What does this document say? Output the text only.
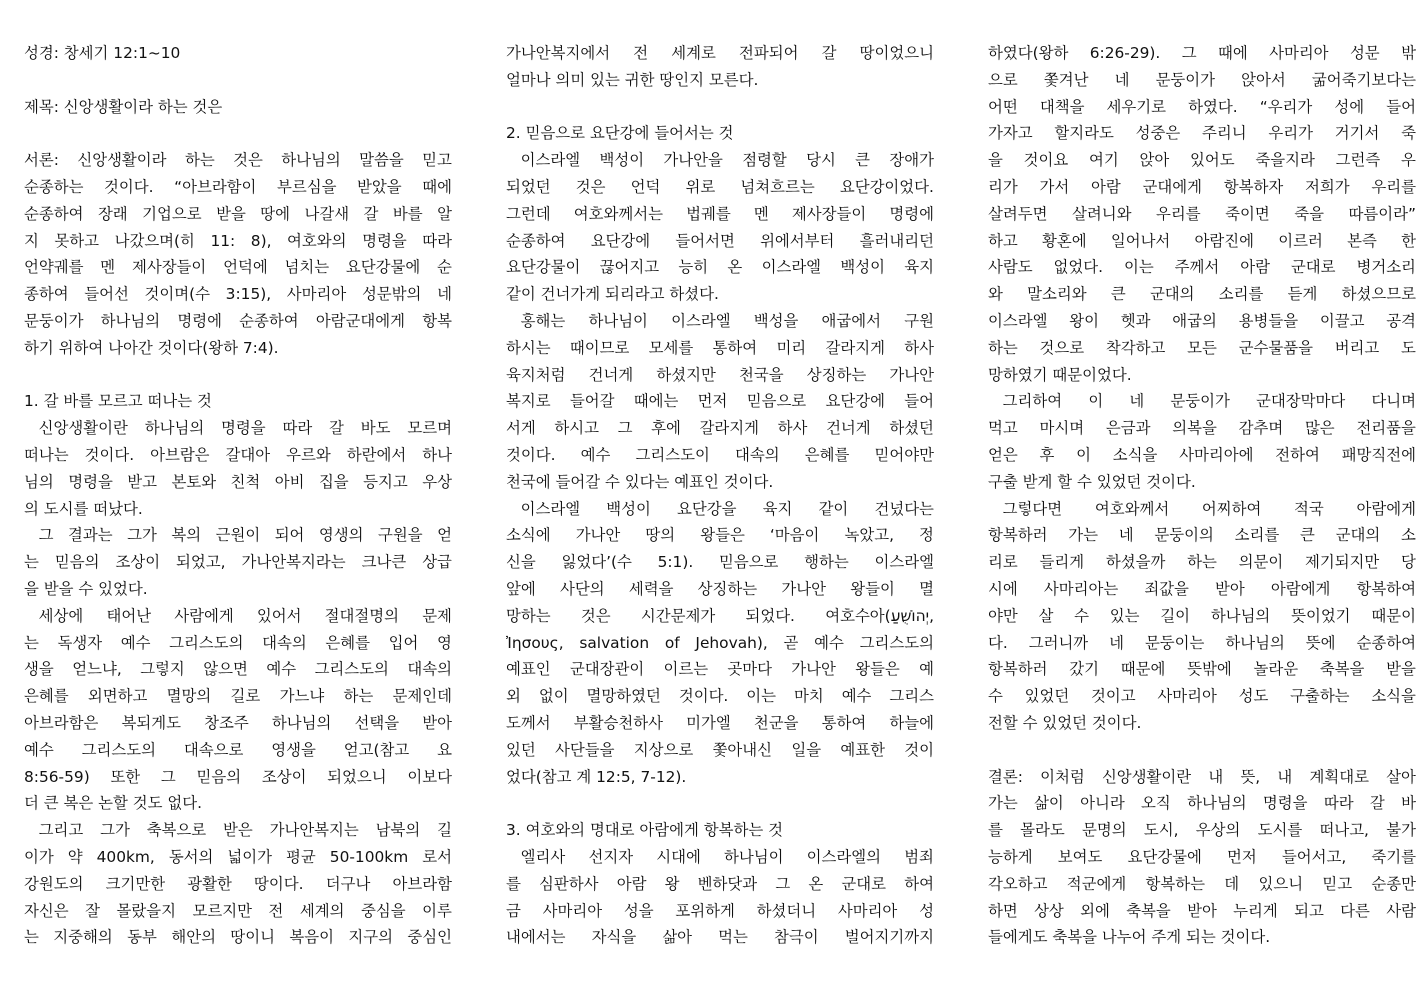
성경: 창세기 12:1~10
제목: 신앙생활이라 하는 것은
서론: 신앙생활이라 하는 것은 하나님의 말씀을 믿고
순종하는 것이다. “아브라함이 부르심을 받았을 때에
순종하여 장래 기업으로 받을 땅에 나갈새 갈 바를 알
지 못하고 나갔으며(히 11: 8), 여호와의 명령을 따라
언약궤를 멘 제사장들이 언덕에 넘치는 요단강물에 순
종하여 들어선 것이며(수 3:15), 사마리아 성문밖의 네
문둥이가 하나님의 명령에 순종하여 아람군대에게 항복
하기 위하여 나아간 것이다(왕하 7:4).
1. 갈 바를 모르고 떠나는 것
신앙생활이란 하나님의 명령을 따라 갈 바도 모르며
떠나는 것이다. 아브람은 갈대아 우르와 하란에서 하나
님의 명령을 받고 본토와 친척 아비 집을 등지고 우상
의 도시를 떠났다.
그 결과는 그가 복의 근원이 되어 영생의 구원을 얻
는 믿음의 조상이 되었고, 가나안복지라는 크나큰 상급
을 받을 수 있었다.
세상에 태어난 사람에게 있어서 절대절명의 문제
는 독생자 예수 그리스도의 대속의 은혜를 입어 영
생을 얻느냐, 그렇지 않으면 예수 그리스도의 대속의
은혜를 외면하고 멸망의 길로 가느냐 하는 문제인데
아브라함은 복되게도 창조주 하나님의 선택을 받아
예수 그리스도의 대속으로 영생을 얻고(참고 요
8:56-59) 또한 그 믿음의 조상이 되었으니 이보다
더 큰 복은 논할 것도 없다.
그리고 그가 축복으로 받은 가나안복지는 남북의 길
이가 약 400km, 동서의 넓이가 평균 50-100km 로서
강원도의 크기만한 광활한 땅이다. 더구나 아브라함
자신은 잘 몰랐을지 모르지만 전 세계의 중심을 이루
는 지중해의 동부 해안의 땅이니 복음이 지구의 중심인
가나안복지에서 전 세계로 전파되어 갈 땅이었으니
얼마나 의미 있는 귀한 땅인지 모른다.
2. 믿음으로 요단강에 들어서는 것
이스라엘 백성이 가나안을 점령할 당시 큰 장애가
되었던 것은 언덕 위로 넘쳐흐르는 요단강이었다.
그런데 여호와께서는 법궤를 멘 제사장들이 명령에
순종하여 요단강에 들어서면 위에서부터 흘러내리던
요단강물이 끊어지고 능히 온 이스라엘 백성이 육지
같이 건너가게 되리라고 하셨다.
홍해는 하나님이 이스라엘 백성을 애굽에서 구원
하시는 때이므로 모세를 통하여 미리 갈라지게 하사
육지처럼 건너게 하셨지만 천국을 상징하는 가나안
복지로 들어갈 때에는 먼저 믿음으로 요단강에 들어
서게 하시고 그 후에 갈라지게 하사 건너게 하셨던
것이다. 예수 그리스도이 대속의 은혜를 믿어야만
천국에 들어갈 수 있다는 예표인 것이다.
이스라엘 백성이 요단강을 육지 같이 건넜다는
소식에 가나안 땅의 왕들은 ‘마음이 녹았고, 정
신을 잃었다’(수 5:1). 믿음으로 행하는 이스라엘
앞에 사단의 세력을 상징하는 가나안 왕들이 멸
망하는 것은 시간문제가 되었다. 여호수아(יְהוֹשֻׁעַ,
Ἰησους, salvation of Jehovah), 곧 예수 그리스도의
예표인 군대장관이 이르는 곳마다 가나안 왕들은 예
외 없이 멸망하였던 것이다. 이는 마치 예수 그리스
도께서 부활승천하사 미가엘 천군을 통하여 하늘에
있던 사단들을 지상으로 쫓아내신 일을 예표한 것이
었다(참고 계 12:5, 7-12).
3. 여호와의 명대로 아람에게 항복하는 것
엘리사 선지자 시대에 하나님이 이스라엘의 범죄
를 심판하사 아람 왕 벤하닷과 그 온 군대로 하여
금 사마리아 성을 포위하게 하셨더니 사마리아 성
내에서는 자식을 삶아 먹는 참극이 벌어지기까지
하였다(왕하 6:26-29). 그 때에 사마리아 성문 밖
으로 쫓겨난 네 문둥이가 앉아서 굶어죽기보다는
어떤 대책을 세우기로 하였다. “우리가 성에 들어
가자고 할지라도 성중은 주리니 우리가 거기서 죽
을 것이요 여기 앉아 있어도 죽을지라 그런즉 우
리가 가서 아람 군대에게 항복하자 저희가 우리를
살려두면 살려니와 우리를 죽이면 죽을 따름이라”
하고 황혼에 일어나서 아람진에 이르러 본즉 한
사람도 없었다. 이는 주께서 아람 군대로 병거소리
와 말소리와 큰 군대의 소리를 듣게 하셨으므로
이스라엘 왕이 헷과 애굽의 용병들을 이끌고 공격
하는 것으로 착각하고 모든 군수물품을 버리고 도
망하였기 때문이었다.
그리하여 이 네 문둥이가 군대장막마다 다니며
먹고 마시며 은금과 의복을 감추며 많은 전리품을
얻은 후 이 소식을 사마리아에 전하여 패망직전에
구출 받게 할 수 있었던 것이다.
그렇다면 여호와께서 어찌하여 적국 아람에게
항복하러 가는 네 문둥이의 소리를 큰 군대의 소
리로 들리게 하셨을까 하는 의문이 제기되지만 당
시에 사마리아는 죄값을 받아 아람에게 항복하여
야만 살 수 있는 길이 하나님의 뜻이었기 때문이
다. 그러니까 네 문둥이는 하나님의 뜻에 순종하여
항복하러 갔기 때문에 뜻밖에 놀라운 축복을 받을
수 있었던 것이고 사마리아 성도 구출하는 소식을
전할 수 있었던 것이다.
결론: 이처럼 신앙생활이란 내 뜻, 내 계획대로 살아
가는 삶이 아니라 오직 하나님의 명령을 따라 갈 바
를 몰라도 문명의 도시, 우상의 도시를 떠나고, 불가
능하게 보여도 요단강물에 먼저 들어서고, 죽기를
각오하고 적군에게 항복하는 데 있으니 믿고 순종만
하면 상상 외에 축복을 받아 누리게 되고 다른 사람
들에게도 축복을 나누어 주게 되는 것이다.
